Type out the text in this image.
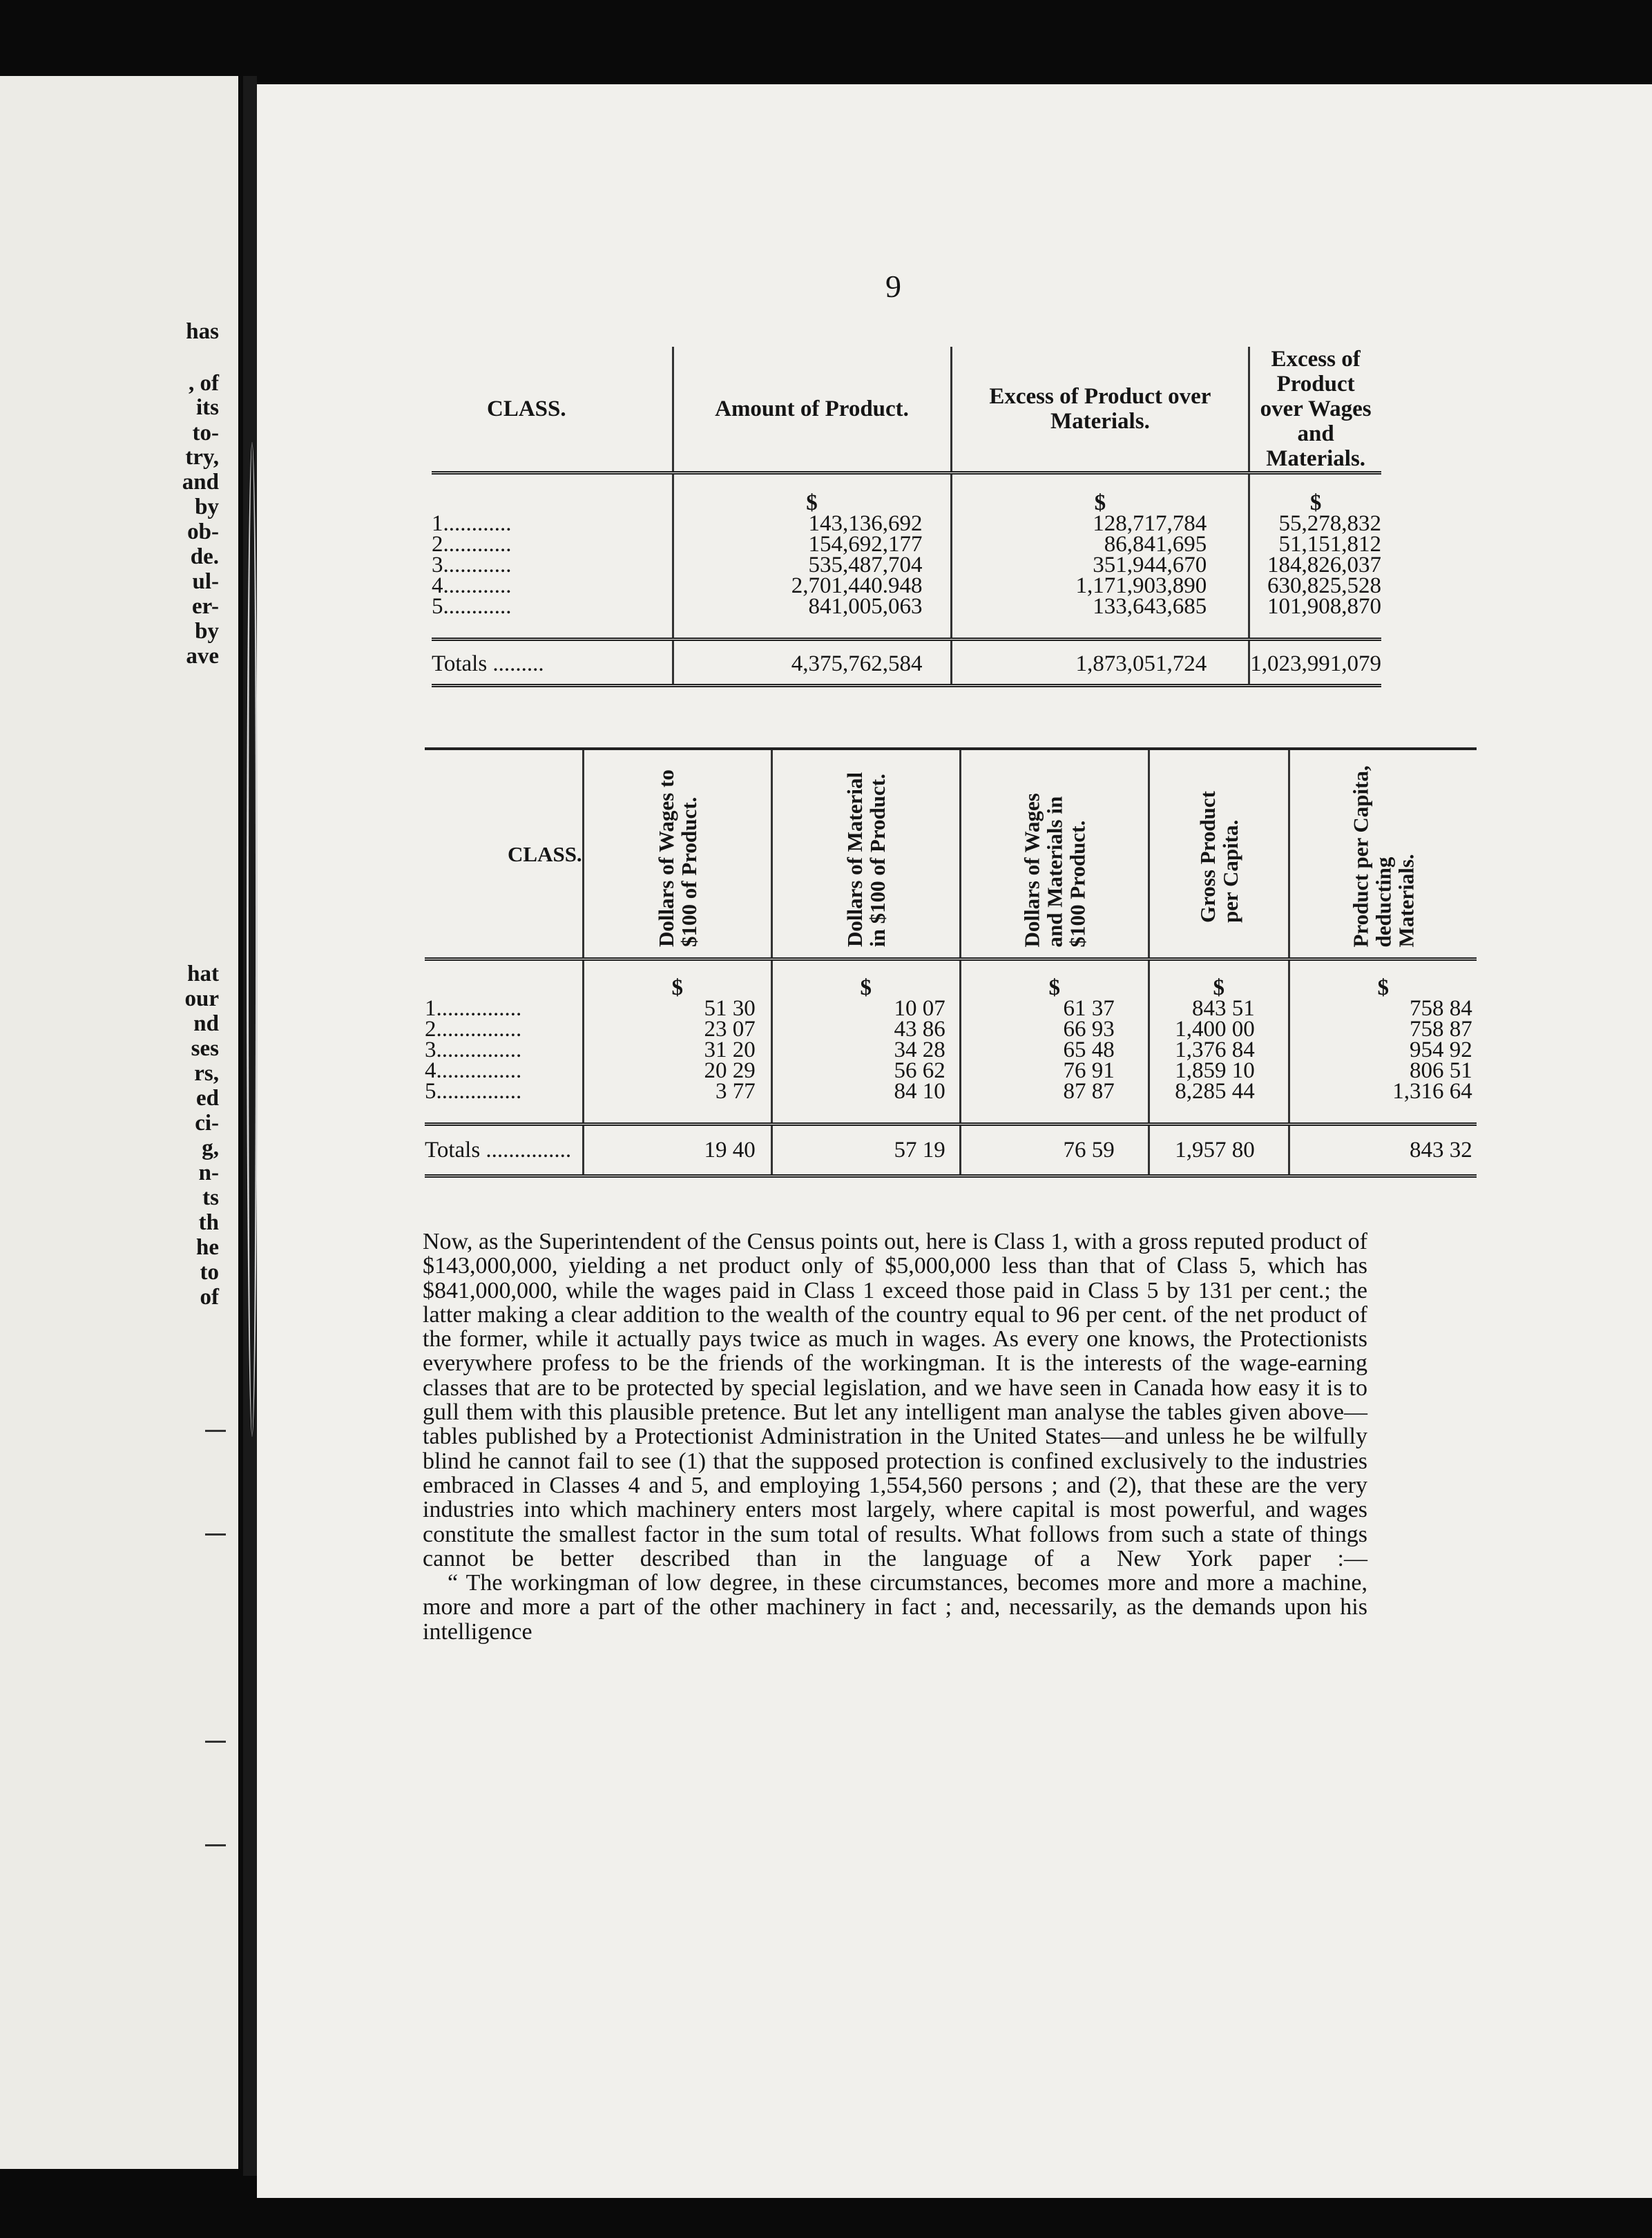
has
, of
its
to-
try,
and
by
ob-
de.
ul-
er-
by
ave
hat
our
nd
ses
rs,
ed
ci-
g,
n-
ts
th
he
to
of
9
CLASS.	Amount of Product.	Excess of Product over Materials.	Excess of Product over Wages and Materials.
	$	$	$
1............	143,136,692	128,717,784	55,278,832
2............	154,692,177	86,841,695	51,151,812
3............	535,487,704	351,944,670	184,826,037
4............	2,701,440.948	1,171,903,890	630,825,528
5............	841,005,063	133,643,685	101,908,870
Totals .........	4,375,762,584	1,873,051,724	1,023,991,079
CLASS.	Dollars of Wages to $100 of Product.	Dollars of Material in $100 of Product.	Dollars of Wages and Materials in $100 Product.	Gross Product per Capita.	Product per Capita, deducting Materials.
	$	$	$	$	$
1...............	51 30	10 07	61 37	843 51	758 84
2...............	23 07	43 86	66 93	1,400 00	758 87
3...............	31 20	34 28	65 48	1,376 84	954 92
4...............	20 29	56 62	76 91	1,859 10	806 51
5...............	3 77	84 10	87 87	8,285 44	1,316 64
Totals ...............	19 40	57 19	76 59	1,957 80	843 32

Now, as the Superintendent of the Census points out, here is Class 1, with a gross reputed product of $143,000,000, yielding a net product only of $5,000,000 less than that of Class 5, which has $841,000,000, while the wages paid in Class 1 exceed those paid in Class 5 by 131 per cent.; the latter making a clear addition to the wealth of the country equal to 96 per cent. of the net product of the former, while it actually pays twice as much in wages. As every one knows, the Protectionists everywhere profess to be the friends of the workingman. It is the interests of the wage-earning classes that are to be protected by special legislation, and we have seen in Canada how easy it is to gull them with this plausible pretence. But let any intelligent man analyse the tables given above—tables published by a Protectionist Administration in the United States—and unless he be wilfully blind he cannot fail to see (1) that the supposed protection is confined exclusively to the industries embraced in Classes 4 and 5, and employing 1,554,560 persons ; and (2), that these are the very industries into which machinery enters most largely, where capital is most powerful, and wages constitute the smallest factor in the sum total of results. What follows from such a state of things cannot be better described than in the language of a New York paper :—

“ The workingman of low degree, in these circumstances, becomes more and more a machine, more and more a part of the other machinery in fact ; and, necessarily, as the demands upon his intelligence
